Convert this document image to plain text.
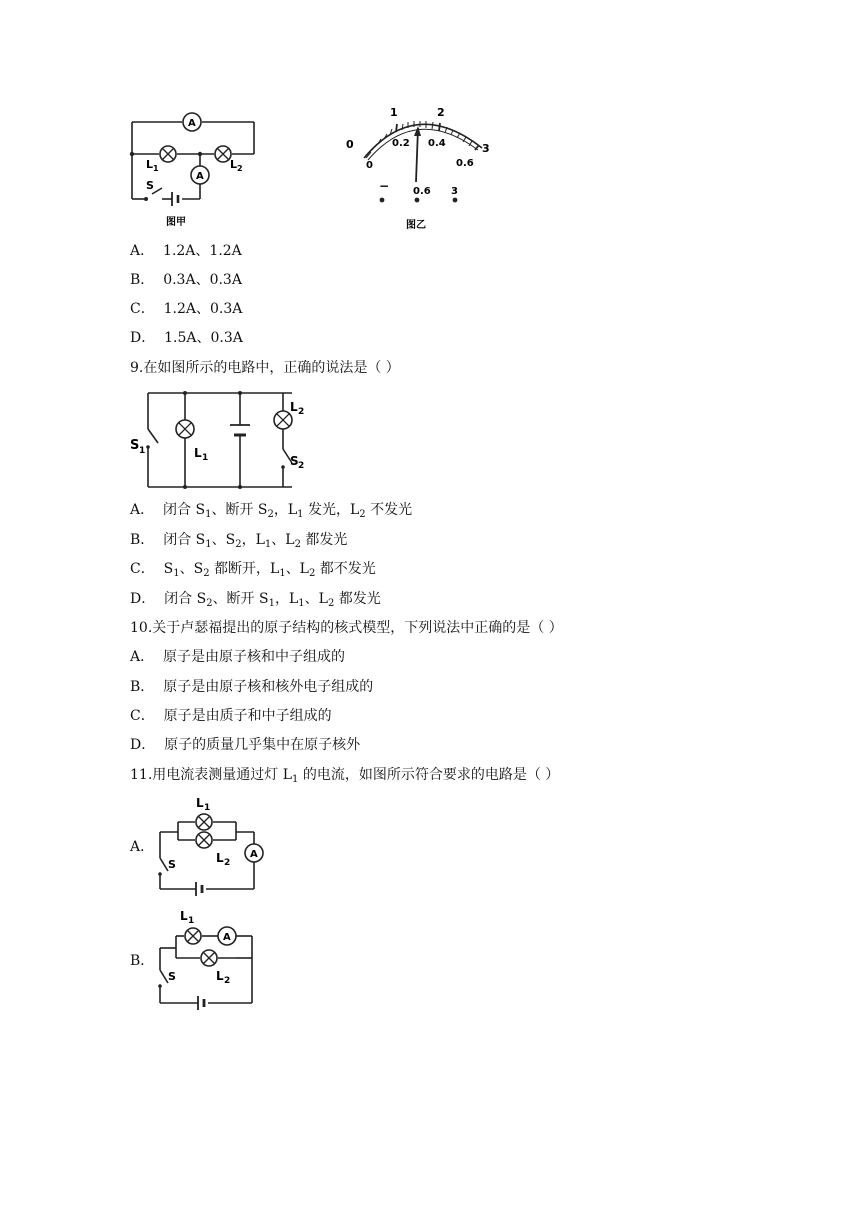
A
A
L 1	L 2
S
图甲
0
1	2
3
0
0.2 0.4
0.6
− 0.6 3
图乙
A． 1.2A、1.2A
B． 0.3A、0.3A
C． 1.2A、0.3A
D． 1.5A、0.3A
9.在如图所示的电路中，正确的说法是（ ）
S 1	L 1
L 2
S 2
A． 闭合 $S_1$、断开 $S_2$，$L_1$ 发光，$L_2$ 不发光
B． 闭合 $S_1$、$S_2$，$L_1$、$L_2$ 都发光
C． $S_1$、$S_2$ 都断开，$L_1$、$L_2$ 都不发光
D． 闭合 $S_2$、断开 $S_1$，$L_1$、$L_2$ 都发光
10.关于卢瑟福提出的原子结构的核式模型，下列说法中正确的是（ ）
A． 原子是由原子核和中子组成的
B． 原子是由原子核和核外电子组成的
C． 原子是由质子和中子组成的
D． 原子的质量几乎集中在原子核外
11.用电流表测量通过灯 $L_1$ 的电流，如图所示符合要求的电路是（ ）
A．	A
L 1
L 2
S
B．
A
L 1
L 2
S
